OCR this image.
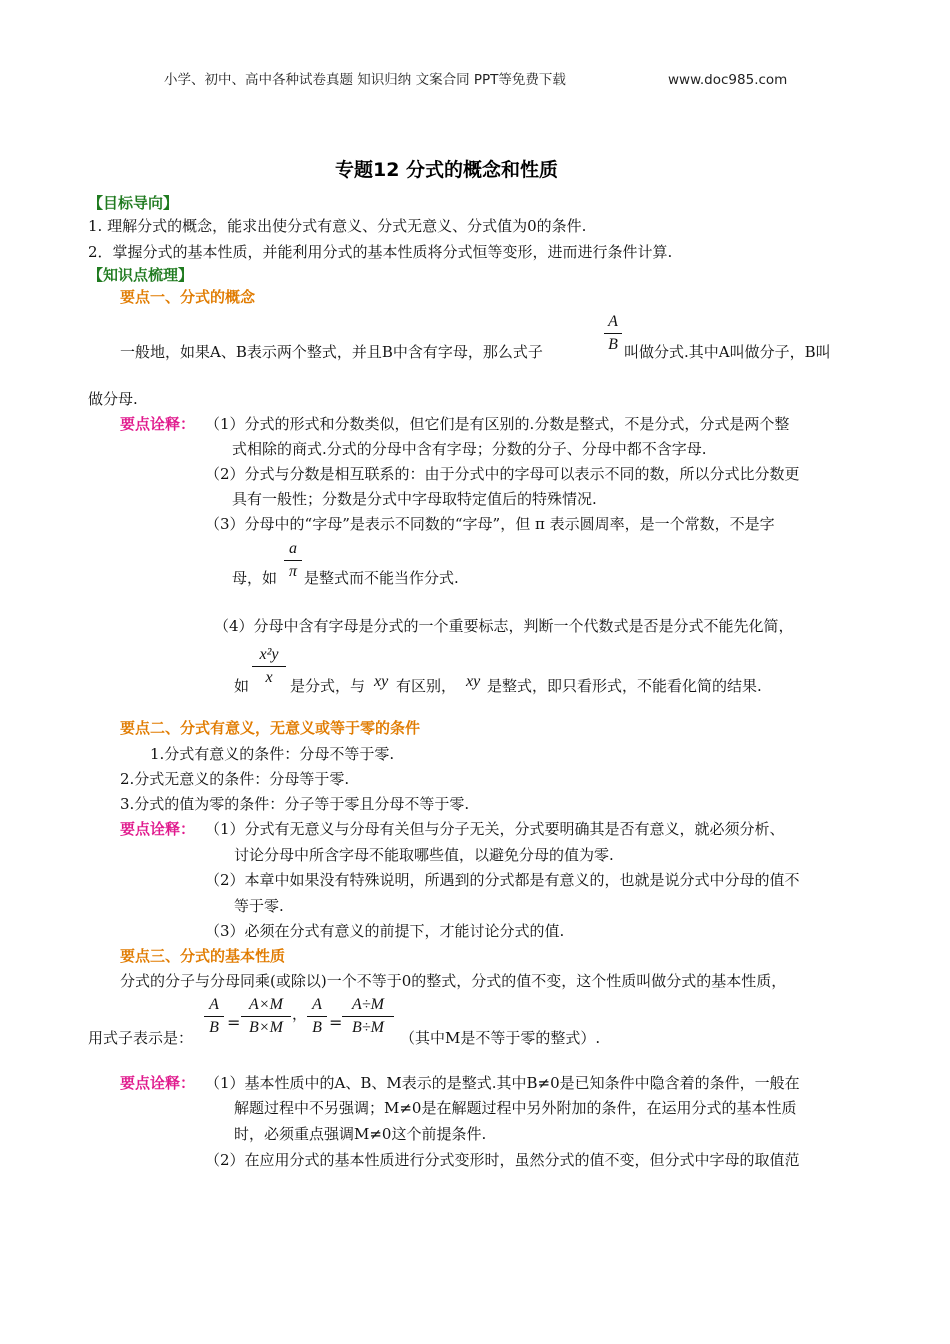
小学、初中、高中各种试卷真题 知识归纳 文案合同 PPT等免费下载	www.doc985.com
专题12 分式的概念和性质
【目标导向】
1. 理解分式的概念，能求出使分式有意义、分式无意义、分式值为0的条件.
2．掌握分式的基本性质，并能利用分式的基本性质将分式恒等变形，进而进行条件计算.
【知识点梳理】
要点一、分式的概念
一般地，如果A、B表示两个整式，并且B中含有字母，那么式子
A
B 叫做分式.其中A叫做分子，B叫
做分母.
要点诠释： （1）分式的形式和分数类似，但它们是有区别的.分数是整式，不是分式，分式是两个整
式相除的商式.分式的分母中含有字母；分数的分子、分母中都不含字母.
（2）分式与分数是相互联系的：由于分式中的字母可以表示不同的数，所以分式比分数更
具有一般性；分数是分式中字母取特定值后的特殊情况.
（3）分母中的“字母”是表示不同数的“字母”，但 π 表示圆周率，是一个常数，不是字
母，如
a
π 是整式而不能当作分式.
（4）分母中含有字母是分式的一个重要标志，判断一个代数式是否是分式不能先化简，
如
x²y
x	是分式，与 xy 有区别， xy 是整式，即只看形式，不能看化简的结果.
要点二、分式有意义，无意义或等于零的条件
1.分式有意义的条件：分母不等于零.
2.分式无意义的条件：分母等于零.
3.分式的值为零的条件：分子等于零且分母不等于零.
要点诠释： （1）分式有无意义与分母有关但与分子无关，分式要明确其是否有意义，就必须分析、
讨论分母中所含字母不能取哪些值，以避免分母的值为零.
（2）本章中如果没有特殊说明，所遇到的分式都是有意义的，也就是说分式中分母的值不
等于零.
（3）必须在分式有意义的前提下，才能讨论分式的值.
要点三、分式的基本性质
分式的分子与分母同乘(或除以)一个不等于0的整式，分式的值不变，这个性质叫做分式的基本性质，
用式子表示是：
A
B =
A×M
B×M
，
A
B =
A÷M
B÷M
（其中M是不等于零的整式）.
要点诠释： （1）基本性质中的A、B、M表示的是整式.其中B≠0是已知条件中隐含着的条件，一般在
解题过程中不另强调；M≠0是在解题过程中另外附加的条件，在运用分式的基本性质
时，必须重点强调M≠0这个前提条件.
（2）在应用分式的基本性质进行分式变形时，虽然分式的值不变，但分式中字母的取值范
